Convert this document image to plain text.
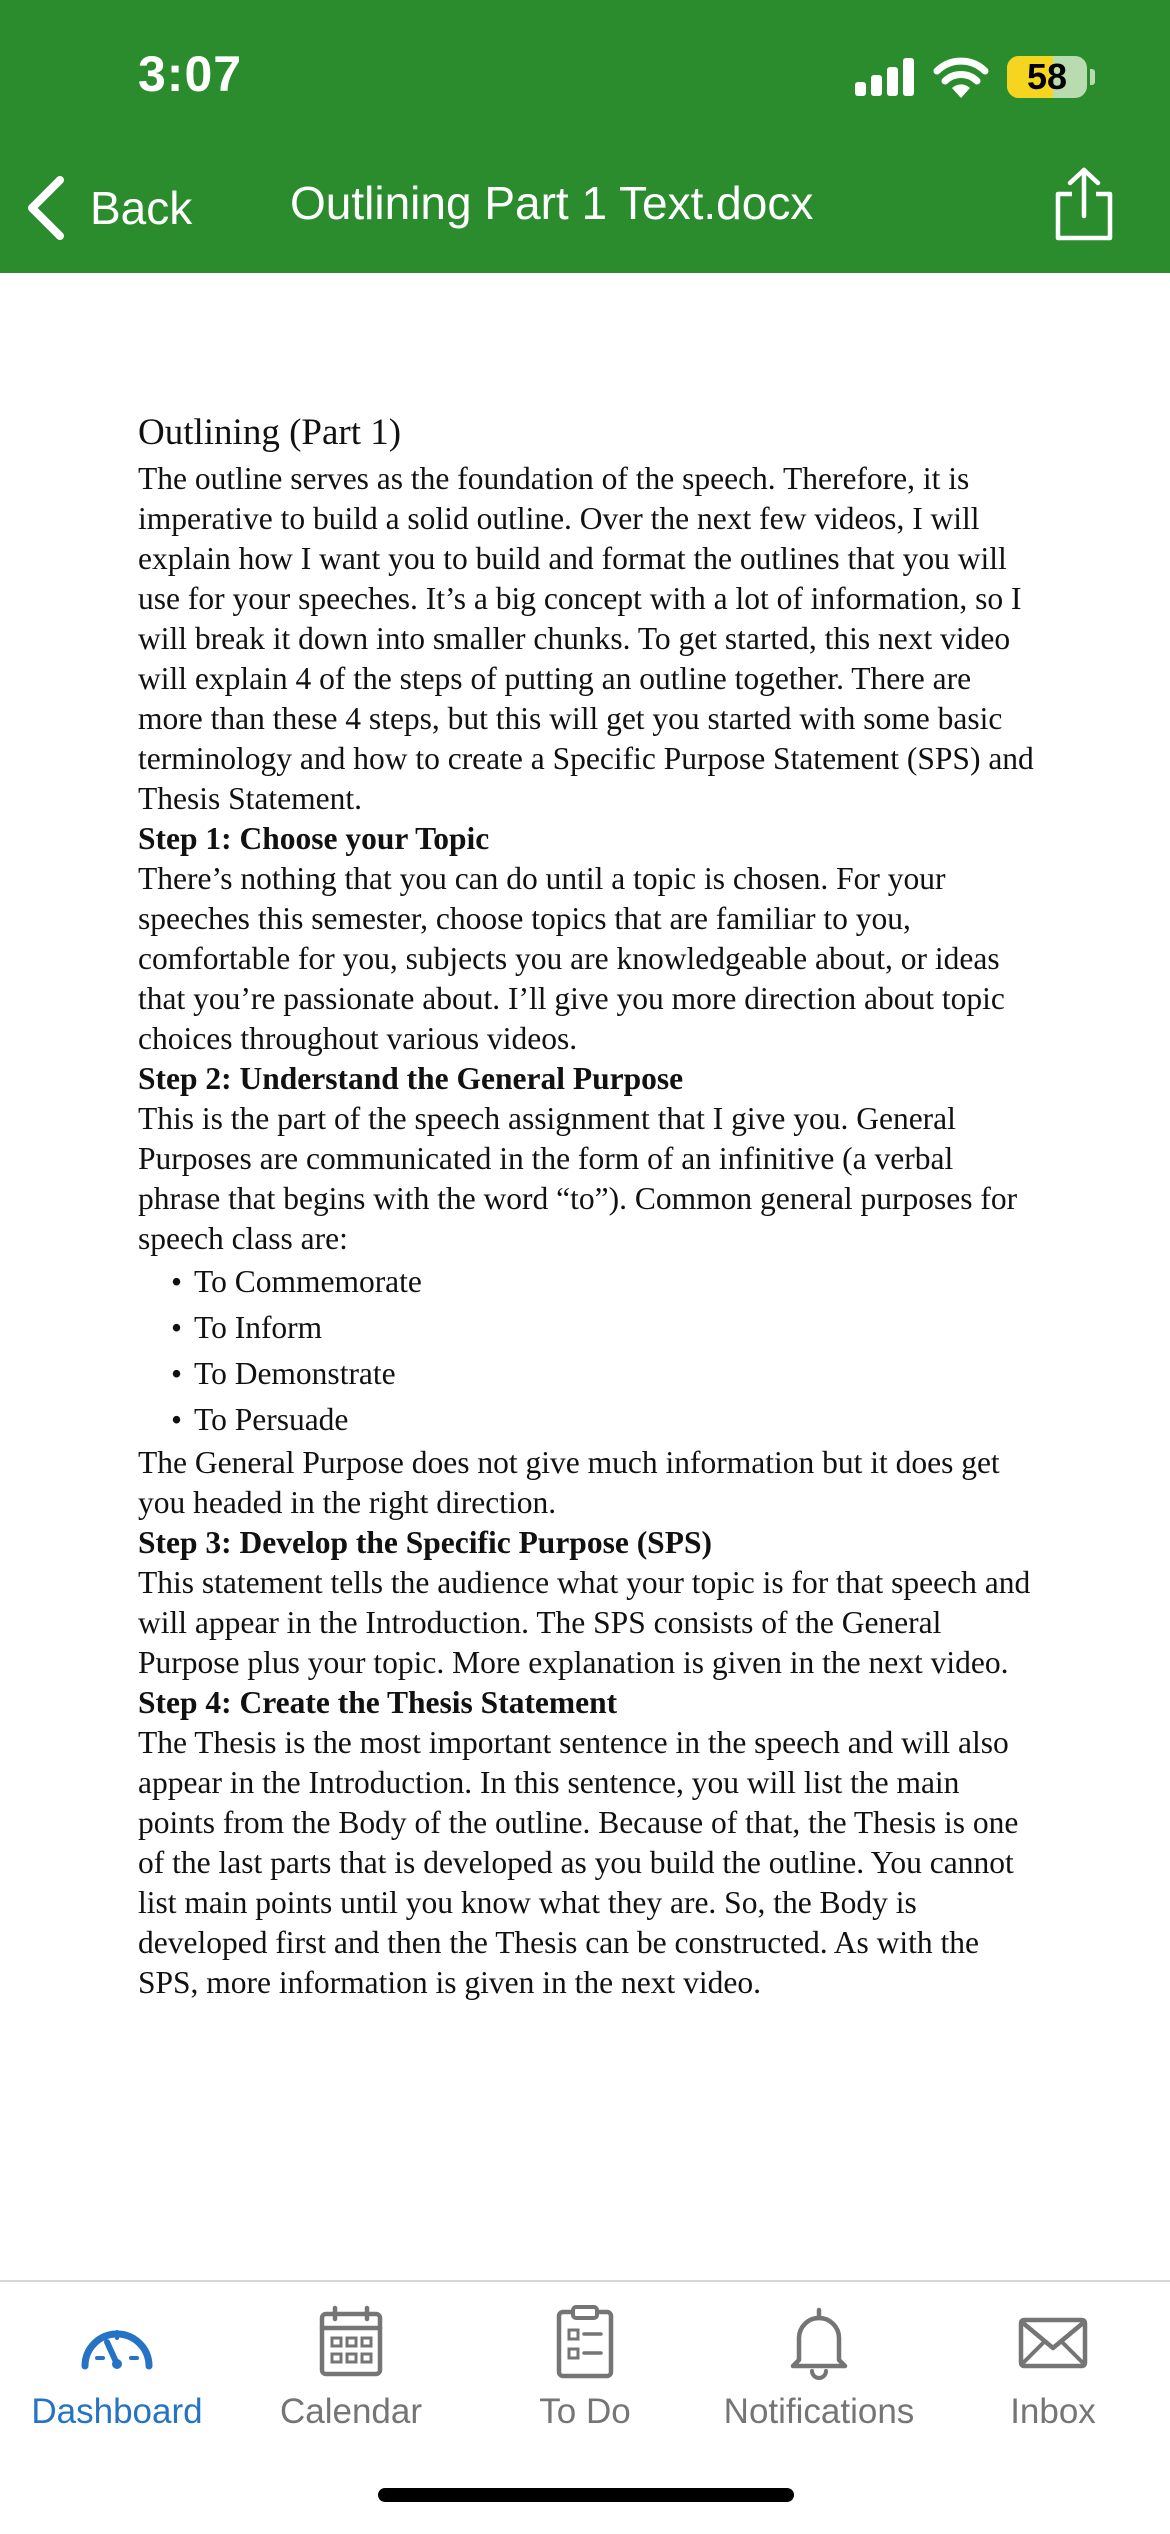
3:07	58
Back Outlining Part 1 Text.docx
Outlining (Part 1)

The outline serves as the foundation of the speech. Therefore, it is imperative to build a solid outline. Over the next few videos, I will explain how I want you to build and format the outlines that you will use for your speeches. It’s a big concept with a lot of information, so I will break it down into smaller chunks. To get started, this next video will explain 4 of the steps of putting an outline together. There are more than these 4 steps, but this will get you started with some basic terminology and how to create a Specific Purpose Statement (SPS) and Thesis Statement.

Step 1: Choose your Topic

There’s nothing that you can do until a topic is chosen. For your speeches this semester, choose topics that are familiar to you, comfortable for you, subjects you are knowledgeable about, or ideas that you’re passionate about. I’ll give you more direction about topic choices throughout various videos.

Step 2: Understand the General Purpose

This is the part of the speech assignment that I give you. General Purposes are communicated in the form of an infinitive (a verbal phrase that begins with the word “to”). Common general purposes for speech class are:

• To Commemorate
• To Inform
• To Demonstrate
• To Persuade

The General Purpose does not give much information but it does get you headed in the right direction.

Step 3: Develop the Specific Purpose (SPS)

This statement tells the audience what your topic is for that speech and will appear in the Introduction. The SPS consists of the General Purpose plus your topic. More explanation is given in the next video.

Step 4: Create the Thesis Statement

The Thesis is the most important sentence in the speech and will also appear in the Introduction. In this sentence, you will list the main points from the Body of the outline. Because of that, the Thesis is one of the last parts that is developed as you build the outline. You cannot list main points until you know what they are. So, the Body is developed first and then the Thesis can be constructed. As with the SPS, more information is given in the next video.

Dashboard	Calendar	To Do	Notifications	Inbox
